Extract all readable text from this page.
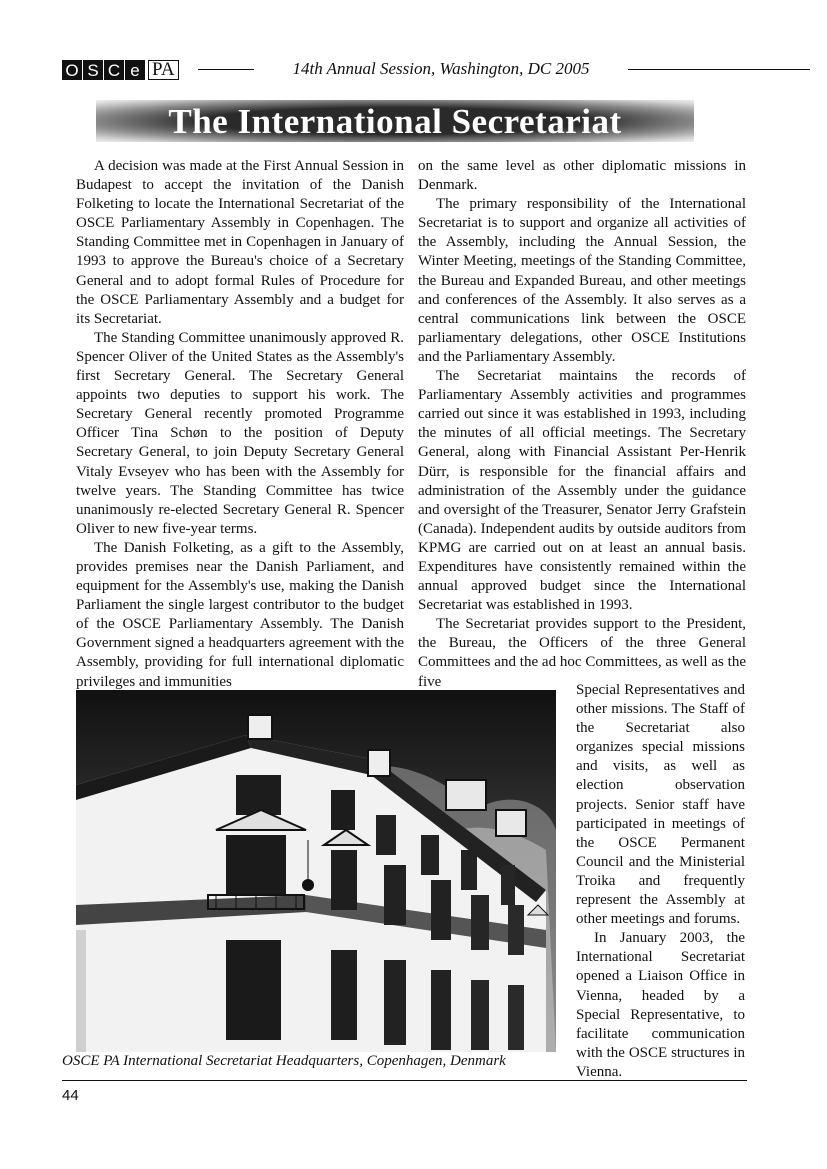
O S C e PA	14th Annual Session, Washington, DC 2005
The International Secretariat

A decision was made at the First Annual Session in Budapest to accept the invitation of the Danish Folketing to locate the International Secretariat of the OSCE Parliamentary Assembly in Copenhagen. The Standing Committee met in Copenhagen in January of 1993 to approve the Bureau's choice of a Secretary General and to adopt formal Rules of Procedure for the OSCE Parliamentary Assembly and a budget for its Secretariat.

The Standing Committee unanimously approved R. Spencer Oliver of the United States as the Assembly's first Secretary General. The Secretary General appoints two deputies to support his work. The Secretary General recently promoted Programme Officer Tina Schøn to the position of Deputy Secretary General, to join Deputy Secretary General Vitaly Evseyev who has been with the Assembly for twelve years. The Standing Committee has twice unanimously re-elected Secretary General R. Spencer Oliver to new five-year terms.

The Danish Folketing, as a gift to the Assembly, provides premises near the Danish Parliament, and equipment for the Assembly's use, making the Danish Parliament the single largest contributor to the budget of the OSCE Parliamentary Assembly. The Danish Government signed a headquarters agreement with the Assembly, providing for full international diplomatic privileges and immunities

on the same level as other diplomatic missions in Denmark.

The primary responsibility of the International Secretariat is to support and organize all activities of the Assembly, including the Annual Session, the Winter Meeting, meetings of the Standing Committee, the Bureau and Expanded Bureau, and other meetings and conferences of the Assembly. It also serves as a central communications link between the OSCE parliamentary delegations, other OSCE Institutions and the Parliamentary Assembly.

The Secretariat maintains the records of Parliamentary Assembly activities and programmes carried out since it was established in 1993, including the minutes of all official meetings. The Secretary General, along with Financial Assistant Per-Henrik Dürr, is responsible for the financial affairs and administration of the Assembly under the guidance and oversight of the Treasurer, Senator Jerry Grafstein (Canada). Independent audits by outside auditors from KPMG are carried out on at least an annual basis. Expenditures have consistently remained within the annual approved budget since the International Secretariat was established in 1993.

The Secretariat provides support to the President, the Bureau, the Officers of the three General Committees and the ad hoc Committees, as well as the five

OSCE PA International Secretariat Headquarters, Copenhagen, Denmark

Special Representatives and other missions. The Staff of the Secretariat also organizes special missions and visits, as well as election observation projects. Senior staff have participated in meetings of the OSCE Permanent Council and the Ministerial Troika and frequently represent the Assembly at other meetings and forums.

In January 2003, the International Secretariat opened a Liaison Office in Vienna, headed by a Special Representative, to facilitate communication with the OSCE structures in Vienna.

44
